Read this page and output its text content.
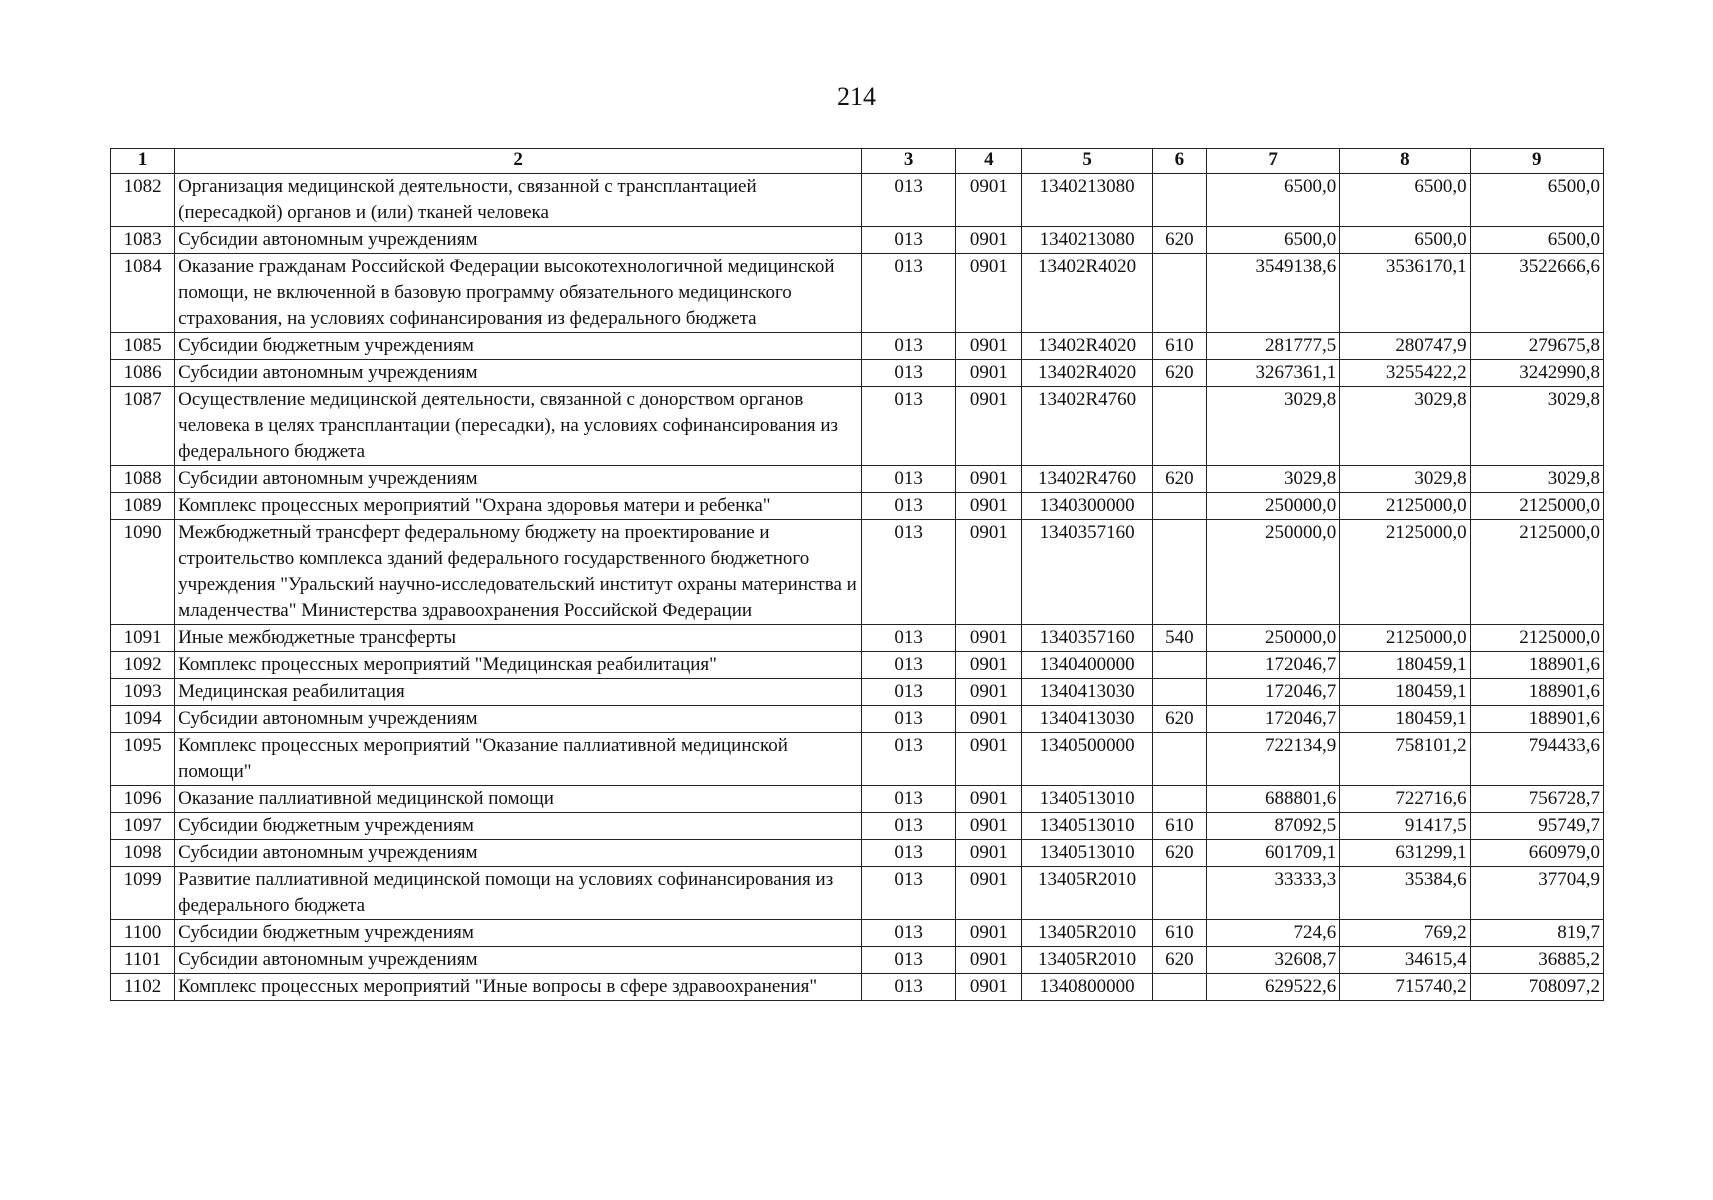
214
1	2	3	4	5	6	7	8	9
1082	Организация медицинской деятельности, связанной с трансплантацией (пересадкой) органов и (или) тканей человека	013	0901	1340213080		6500,0	6500,0	6500,0
1083	Субсидии автономным учреждениям	013	0901	1340213080	620	6500,0	6500,0	6500,0
1084	Оказание гражданам Российской Федерации высокотехнологичной медицинской помощи, не включенной в базовую программу обязательного медицинского страхования, на условиях софинансирования из федерального бюджета	013	0901	13402R4020		3549138,6	3536170,1	3522666,6
1085	Субсидии бюджетным учреждениям	013	0901	13402R4020	610	281777,5	280747,9	279675,8
1086	Субсидии автономным учреждениям	013	0901	13402R4020	620	3267361,1	3255422,2	3242990,8
1087	Осуществление медицинской деятельности, связанной с донорством органов человека в целях трансплантации (пересадки), на условиях софинансирования из федерального бюджета	013	0901	13402R4760		3029,8	3029,8	3029,8
1088	Субсидии автономным учреждениям	013	0901	13402R4760	620	3029,8	3029,8	3029,8
1089	Комплекс процессных мероприятий "Охрана здоровья матери и ребенка"	013	0901	1340300000		250000,0	2125000,0	2125000,0
1090	Межбюджетный трансферт федеральному бюджету на проектирование и строительство комплекса зданий федерального государственного бюджетного учреждения "Уральский научно-исследовательский институт охраны материнства и младенчества" Министерства здравоохранения Российской Федерации	013	0901	1340357160		250000,0	2125000,0	2125000,0
1091	Иные межбюджетные трансферты	013	0901	1340357160	540	250000,0	2125000,0	2125000,0
1092	Комплекс процессных мероприятий "Медицинская реабилитация"	013	0901	1340400000		172046,7	180459,1	188901,6
1093	Медицинская реабилитация	013	0901	1340413030		172046,7	180459,1	188901,6
1094	Субсидии автономным учреждениям	013	0901	1340413030	620	172046,7	180459,1	188901,6
1095	Комплекс процессных мероприятий "Оказание паллиативной медицинской помощи"	013	0901	1340500000		722134,9	758101,2	794433,6
1096	Оказание паллиативной медицинской помощи	013	0901	1340513010		688801,6	722716,6	756728,7
1097	Субсидии бюджетным учреждениям	013	0901	1340513010	610	87092,5	91417,5	95749,7
1098	Субсидии автономным учреждениям	013	0901	1340513010	620	601709,1	631299,1	660979,0
1099	Развитие паллиативной медицинской помощи на условиях софинансирования из федерального бюджета	013	0901	13405R2010		33333,3	35384,6	37704,9
1100	Субсидии бюджетным учреждениям	013	0901	13405R2010	610	724,6	769,2	819,7
1101	Субсидии автономным учреждениям	013	0901	13405R2010	620	32608,7	34615,4	36885,2
1102	Комплекс процессных мероприятий "Иные вопросы в сфере здравоохранения"	013	0901	1340800000		629522,6	715740,2	708097,2
